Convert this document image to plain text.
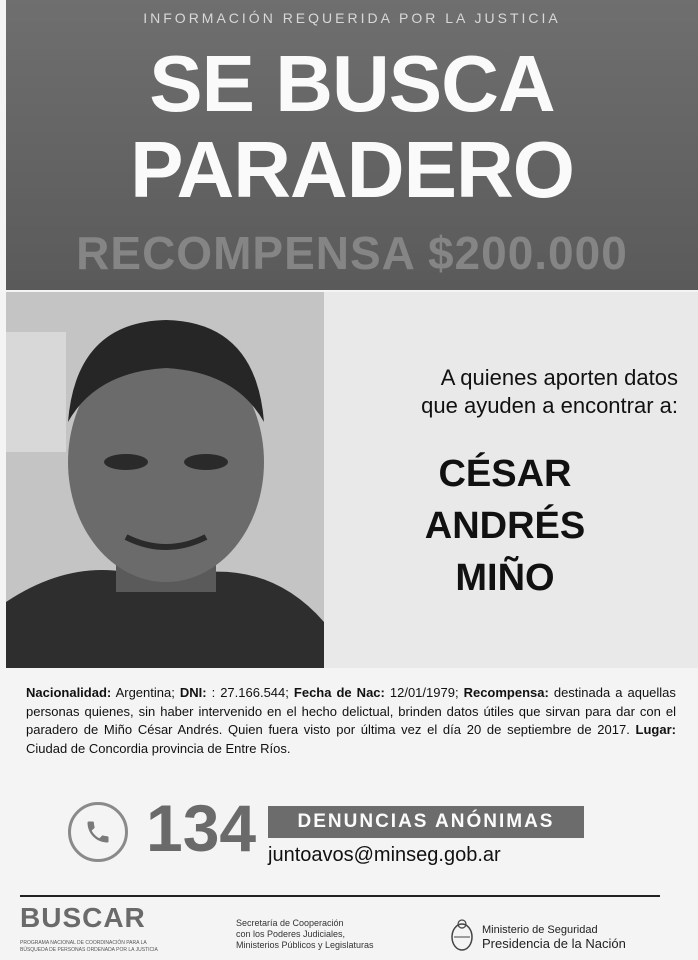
INFORMACIÓN REQUERIDA POR LA JUSTICIA
SE BUSCA
PARADERO
RECOMPENSA $200.000
A quienes aporten datos
que ayuden a encontrar a:
CÉSAR
ANDRÉS
MIÑO
Nacionalidad: Argentina; DNI: : 27.166.544; Fecha de Nac: 12/01/1979; Recompensa: destinada a aquellas personas quienes, sin haber intervenido en el hecho delictual, brinden datos útiles que sirvan para dar con el paradero de Miño César Andrés. Quien fuera visto por última vez el día 20 de septiembre de 2017. Lugar: Ciudad de Concordia provincia de Entre Ríos.
134	DENUNCIAS ANÓNIMAS
juntoavos@minseg.gob.ar
BUSCAR
PROGRAMA NACIONAL DE COORDINACIÓN PARA LA BÚSQUEDA DE PERSONAS ORDENADA POR LA JUSTICIA
Secretaría de Cooperación
con los Poderes Judiciales,
Ministerios Públicos y Legislaturas
Ministerio de Seguridad
Presidencia de la Nación
